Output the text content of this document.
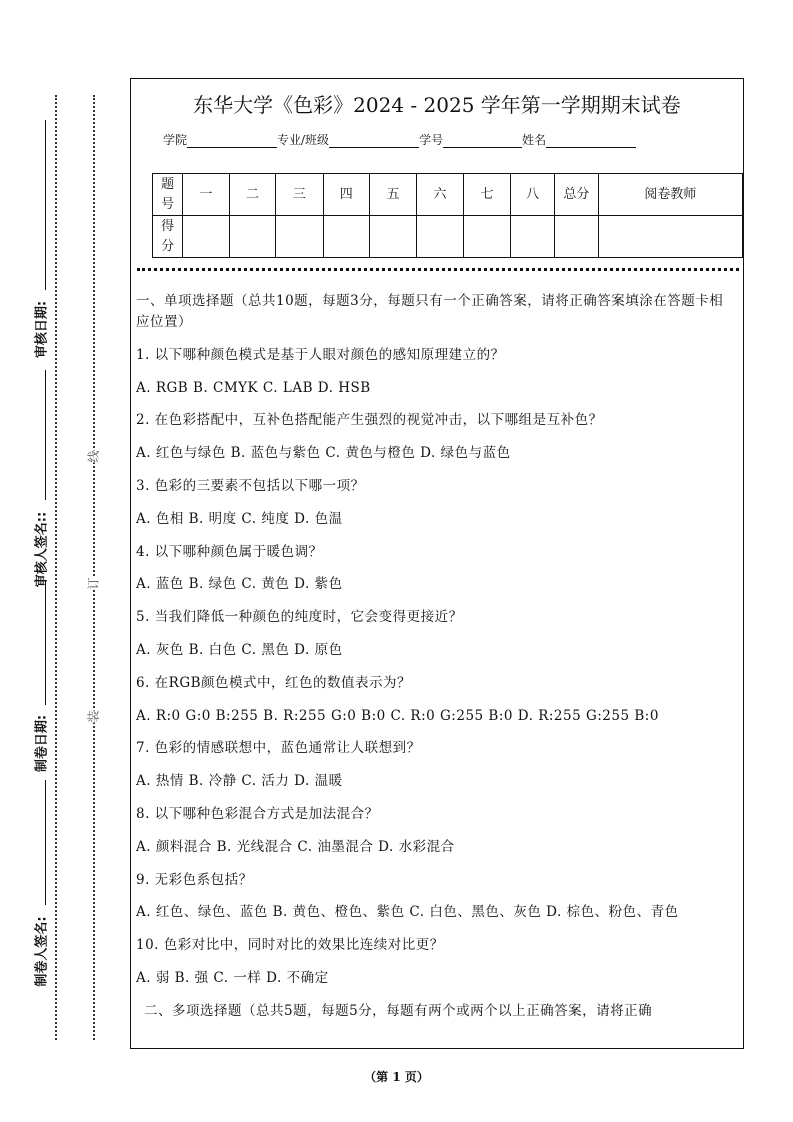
审核日期:
审核人签名::
制卷日期:
制卷人签名:
线
订
装
东华大学《色彩》2024 - 2025 学年第一学期期末试卷
学院	专业/班级	学号	姓名
题号	一	二	三	四	五	六	七	八	总分	阅卷教师
得分										

一、单项选择题（总共10题，每题3分，每题只有一个正确答案，请将正确答案填涂在答题卡相应位置）

1. 以下哪种颜色模式是基于人眼对颜色的感知原理建立的？

A. RGB B. CMYK C. LAB D. HSB

2. 在色彩搭配中，互补色搭配能产生强烈的视觉冲击，以下哪组是互补色？

A. 红色与绿色 B. 蓝色与紫色 C. 黄色与橙色 D. 绿色与蓝色

3. 色彩的三要素不包括以下哪一项？

A. 色相 B. 明度 C. 纯度 D. 色温

4. 以下哪种颜色属于暖色调？

A. 蓝色 B. 绿色 C. 黄色 D. 紫色

5. 当我们降低一种颜色的纯度时，它会变得更接近？

A. 灰色 B. 白色 C. 黑色 D. 原色

6. 在RGB颜色模式中，红色的数值表示为？

A. R:0 G:0 B:255 B. R:255 G:0 B:0 C. R:0 G:255 B:0 D. R:255 G:255 B:0

7. 色彩的情感联想中，蓝色通常让人联想到？

A. 热情 B. 冷静 C. 活力 D. 温暖

8. 以下哪种色彩混合方式是加法混合？

A. 颜料混合 B. 光线混合 C. 油墨混合 D. 水彩混合

9. 无彩色系包括？

A. 红色、绿色、蓝色 B. 黄色、橙色、紫色 C. 白色、黑色、灰色 D. 棕色、粉色、青色

10. 色彩对比中，同时对比的效果比连续对比更？

A. 弱 B. 强 C. 一样 D. 不确定

二、多项选择题（总共5题，每题5分，每题有两个或两个以上正确答案，请将正确

（第 1 页）
